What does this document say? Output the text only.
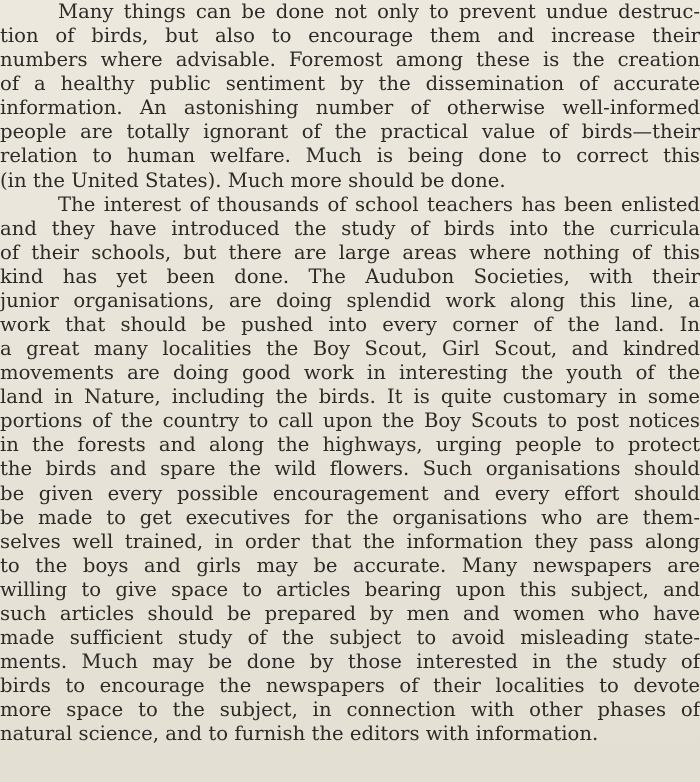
Many things can be done not only to prevent undue destruc-
tion of birds, but also to encourage them and increase their
numbers where advisable. Foremost among these is the creation
of a healthy public sentiment by the dissemination of accurate
information. An astonishing number of otherwise well-informed
people are totally ignorant of the practical value of birds—their
relation to human welfare. Much is being done to correct this
(in the United States). Much more should be done.
The interest of thousands of school teachers has been enlisted
and they have introduced the study of birds into the curricula
of their schools, but there are large areas where nothing of this
kind has yet been done. The Audubon Societies, with their
junior organisations, are doing splendid work along this line, a
work that should be pushed into every corner of the land. In
a great many localities the Boy Scout, Girl Scout, and kindred
movements are doing good work in interesting the youth of the
land in Nature, including the birds. It is quite customary in some
portions of the country to call upon the Boy Scouts to post notices
in the forests and along the highways, urging people to protect
the birds and spare the wild flowers. Such organisations should
be given every possible encouragement and every effort should
be made to get executives for the organisations who are them-
selves well trained, in order that the information they pass along
to the boys and girls may be accurate. Many newspapers are
willing to give space to articles bearing upon this subject, and
such articles should be prepared by men and women who have
made sufficient study of the subject to avoid misleading state-
ments. Much may be done by those interested in the study of
birds to encourage the newspapers of their localities to devote
more space to the subject, in connection with other phases of
natural science, and to furnish the editors with information.
